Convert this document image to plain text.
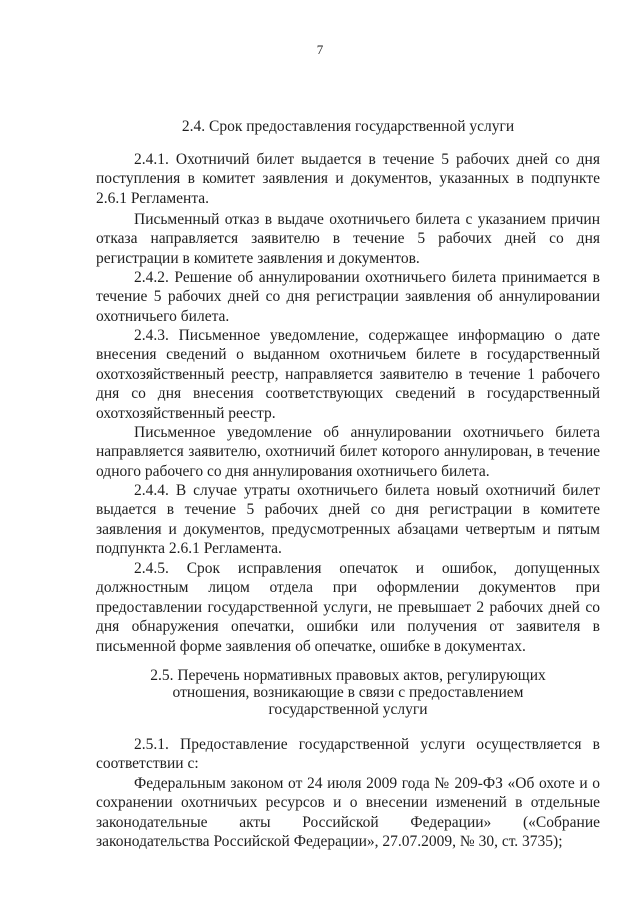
7
2.4. Срок предоставления государственной услуги

2.4.1. Охотничий билет выдается в течение 5 рабочих дней со дня поступления в комитет заявления и документов, указанных в подпункте 2.6.1 Регламента.

Письменный отказ в выдаче охотничьего билета с указанием причин отказа направляется заявителю в течение 5 рабочих дней со дня регистрации в комитете заявления и документов.

2.4.2. Решение об аннулировании охотничьего билета принимается в течение 5 рабочих дней со дня регистрации заявления об аннулировании охотничьего билета.

2.4.3. Письменное уведомление, содержащее информацию о дате внесения сведений о выданном охотничьем билете в государственный охотхозяйственный реестр, направляется заявителю в течение 1 рабочего дня со дня внесения соответствующих сведений в государственный охотхозяйственный реестр.

Письменное уведомление об аннулировании охотничьего билета направляется заявителю, охотничий билет которого аннулирован, в течение одного рабочего со дня аннулирования охотничьего билета.

2.4.4. В случае утраты охотничьего билета новый охотничий билет выдается в течение 5 рабочих дней со дня регистрации в комитете заявления и документов, предусмотренных абзацами четвертым и пятым подпункта 2.6.1 Регламента.

2.4.5. Срок исправления опечаток и ошибок, допущенных должностным лицом отдела при оформлении документов при предоставлении государственной услуги, не превышает 2 рабочих дней со дня обнаружения опечатки, ошибки или получения от заявителя в письменной форме заявления об опечатке, ошибке в документах.

2.5. Перечень нормативных правовых актов, регулирующих
отношения, возникающие в связи с предоставлением
государственной услуги

2.5.1. Предоставление государственной услуги осуществляется в соответствии с:

Федеральным законом от 24 июля 2009 года № 209-ФЗ «Об охоте и о сохранении охотничьих ресурсов и о внесении изменений в отдельные законодательные акты Российской Федерации» («Собрание законодательства Российской Федерации», 27.07.2009, № 30, ст. 3735);
